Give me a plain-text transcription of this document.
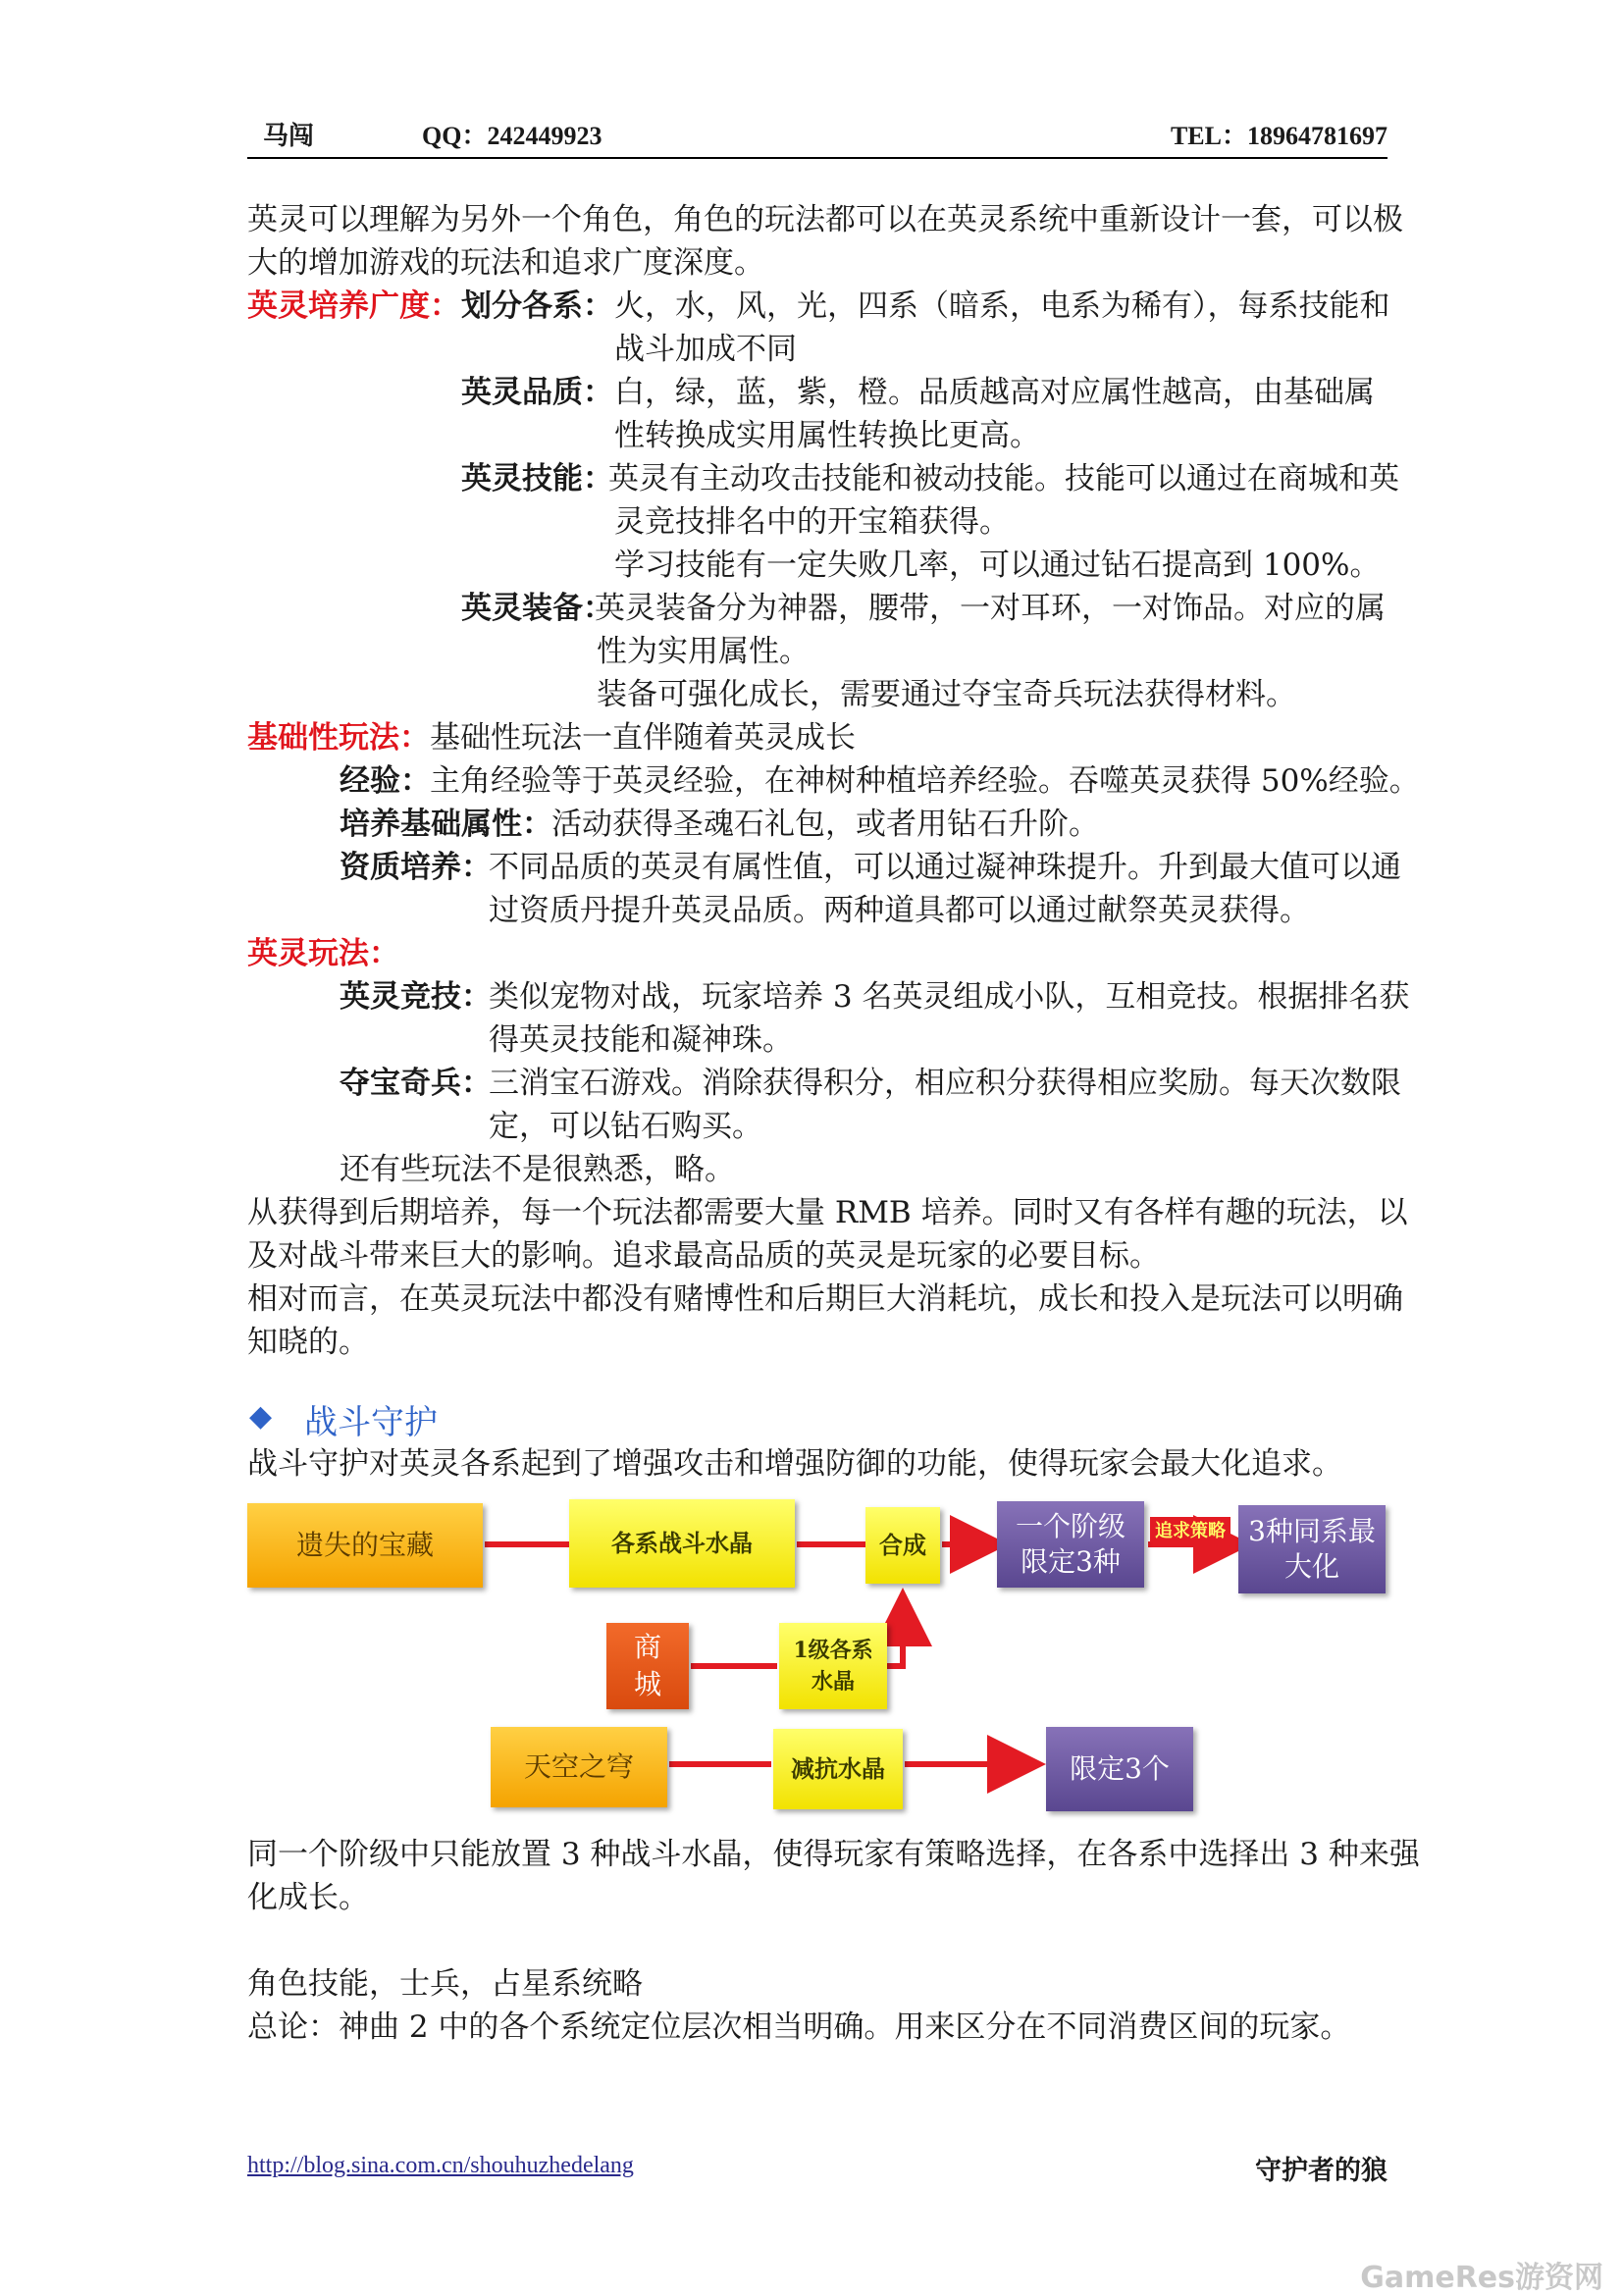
马闯	QQ：242449923	TEL：18964781697
英灵可以理解为另外一个角色，角色的玩法都可以在英灵系统中重新设计一套，可以极
大的增加游戏的玩法和追求广度深度。
英灵培养广度： 划分各系： 火，水，风，光，四系（暗系，电系为稀有），每系技能和
战斗加成不同
英灵品质： 白，绿，蓝，紫，橙。品质越高对应属性越高，由基础属
性转换成实用属性转换比更高。
英灵技能：
英灵有主动攻击技能和被动技能。技能可以通过在商城和英
灵竞技排名中的开宝箱获得。
学习技能有一定失败几率，可以通过钻石提高到 100%。
英灵装备：
英灵装备分为神器，腰带，一对耳环，一对饰品。对应的属
性为实用属性。
装备可强化成长，需要通过夺宝奇兵玩法获得材料。
基础性玩法： 基础性玩法一直伴随着英灵成长
经验： 主角经验等于英灵经验，在神树种植培养经验。吞噬英灵获得 50%经验。
培养基础属性： 活动获得圣魂石礼包，或者用钻石升阶。
资质培养：
不同品质的英灵有属性值，可以通过凝神珠提升。升到最大值可以通
过资质丹提升英灵品质。两种道具都可以通过献祭英灵获得。
英灵玩法：
英灵竞技：
类似宠物对战，玩家培养 3 名英灵组成小队，互相竞技。根据排名获
得英灵技能和凝神珠。
夺宝奇兵：
三消宝石游戏。消除获得积分，相应积分获得相应奖励。每天次数限
定，可以钻石购买。
还有些玩法不是很熟悉，略。
从获得到后期培养，每一个玩法都需要大量 RMB 培养。同时又有各样有趣的玩法，以
及对战斗带来巨大的影响。追求最高品质的英灵是玩家的必要目标。
相对而言，在英灵玩法中都没有赌博性和后期巨大消耗坑，成长和投入是玩法可以明确
知晓的。
◆ 战斗守护
战斗守护对英灵各系起到了增强攻击和增强防御的功能，使得玩家会最大化追求。
遗失的宝藏	各系战斗水晶	合成
一个阶级
限定3种
追求策略 3种同系最
大化
商
城
1级各系
水晶
天空之穹	减抗水晶	限定3个
同一个阶级中只能放置 3 种战斗水晶，使得玩家有策略选择，在各系中选择出 3 种来强
化成长。
角色技能，士兵，占星系统略
总论：神曲 2 中的各个系统定位层次相当明确。用来区分在不同消费区间的玩家。
http://blog.sina.com.cn/shouhuzhedelang	守护者的狼
GameRes游资网
